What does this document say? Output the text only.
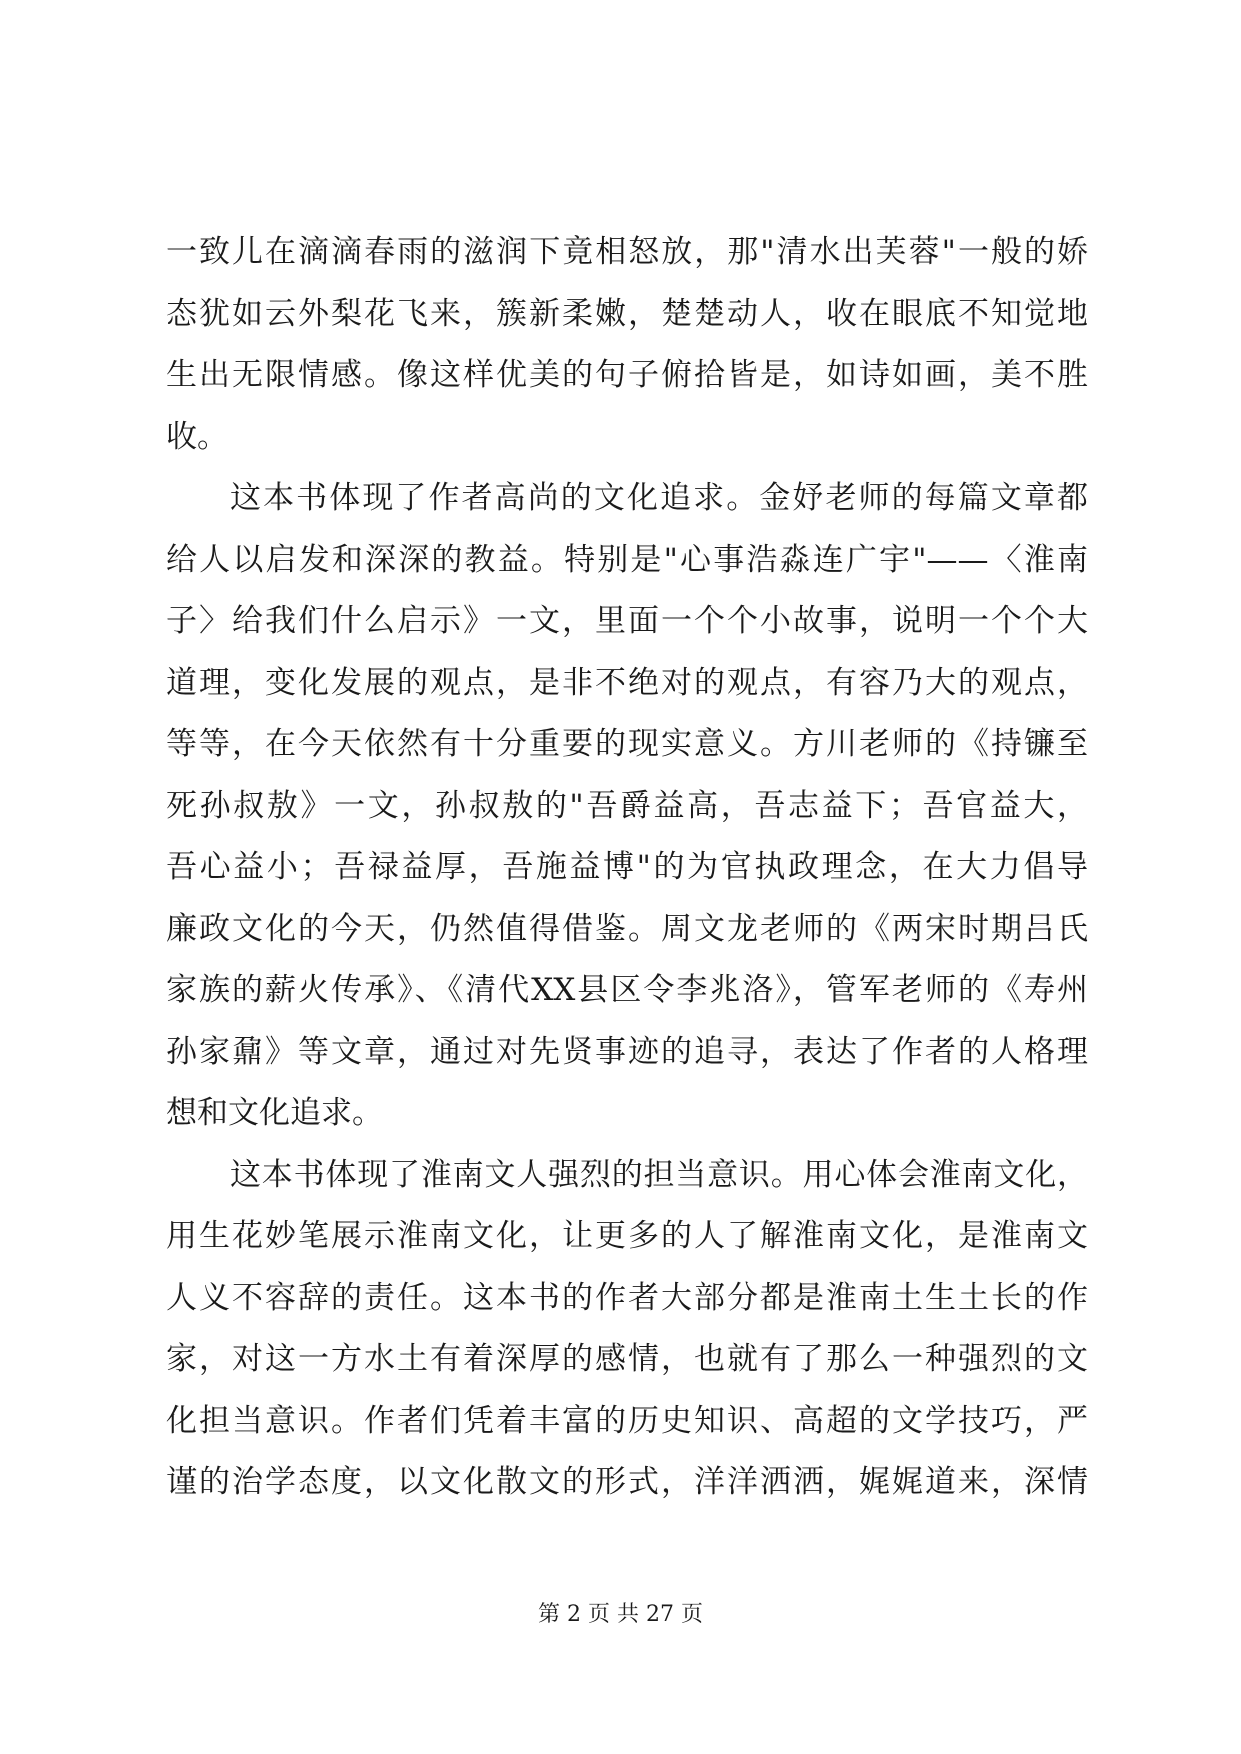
一致儿在滴滴春雨的滋润下竟相怒放，那"清水出芙蓉"一般的娇
态犹如云外梨花飞来，簇新柔嫩，楚楚动人，收在眼底不知觉地
生出无限情感。像这样优美的句子俯拾皆是，如诗如画，美不胜
收。
这本书体现了作者高尚的文化追求。金妤老师的每篇文章都
给人以启发和深深的教益。特别是"心事浩淼连广宇"——〈淮南
子〉给我们什么启示》一文，里面一个个小故事，说明一个个大
道理，变化发展的观点，是非不绝对的观点，有容乃大的观点，
等等，在今天依然有十分重要的现实意义。方川老师的《持镰至
死孙叔敖》一文，孙叔敖的"吾爵益高，吾志益下；吾官益大，
吾心益小；吾禄益厚，吾施益博"的为官执政理念，在大力倡导
廉政文化的今天，仍然值得借鉴。周文龙老师的《两宋时期吕氏
家族的薪火传承》、《清代XX县区令李兆洛》，管军老师的《寿州
孙家鼐》等文章，通过对先贤事迹的追寻，表达了作者的人格理
想和文化追求。
这本书体现了淮南文人强烈的担当意识。用心体会淮南文化，
用生花妙笔展示淮南文化，让更多的人了解淮南文化，是淮南文
人义不容辞的责任。这本书的作者大部分都是淮南土生土长的作
家，对这一方水土有着深厚的感情，也就有了那么一种强烈的文
化担当意识。作者们凭着丰富的历史知识、高超的文学技巧，严
谨的治学态度，以文化散文的形式，洋洋洒洒，娓娓道来，深情
第 2 页 共 27 页
